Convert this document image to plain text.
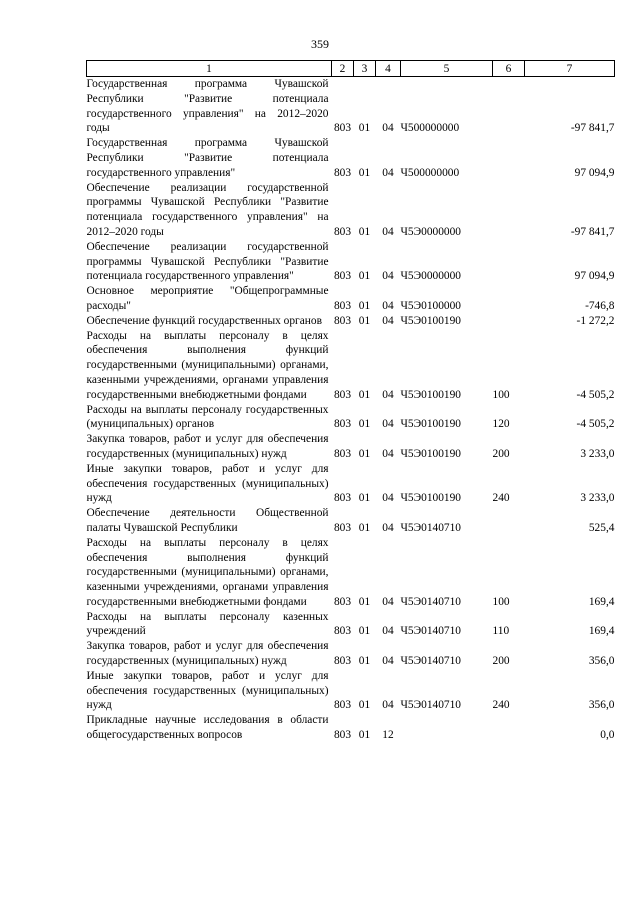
359
1	2	3	4	5	6	7

Государственная программа Чувашской Республики "Развитие потенциала государственного управления" на 2012–2020 годы	803	01	04	Ч500000000		-97 841,7

Государственная программа Чувашской Республики "Развитие потенциала государственного управления"	803	01	04	Ч500000000		97 094,9

Обеспечение реализации государственной программы Чувашской Республики "Развитие потенциала государственного управления" на 2012–2020 годы	803	01	04	Ч5Э0000000		-97 841,7

Обеспечение реализации государственной программы Чувашской Республики "Развитие потенциала государственного управления"	803	01	04	Ч5Э0000000		97 094,9

Основное мероприятие "Общепрограммные расходы"	803	01	04	Ч5Э0100000		-746,8

Обеспечение функций государственных органов	803	01	04	Ч5Э0100190		-1 272,2

Расходы на выплаты персоналу в целях обеспечения выполнения функций государственными (муниципальными) органами, казенными учреждениями, органами управления государственными внебюджетными фондами	803	01	04	Ч5Э0100190	100	-4 505,2

Расходы на выплаты персоналу государственных (муниципальных) органов	803	01	04	Ч5Э0100190	120	-4 505,2

Закупка товаров, работ и услуг для обеспечения государственных (муниципальных) нужд	803	01	04	Ч5Э0100190	200	3 233,0

Иные закупки товаров, работ и услуг для обеспечения государственных (муниципальных) нужд	803	01	04	Ч5Э0100190	240	3 233,0

Обеспечение деятельности Общественной палаты Чувашской Республики	803	01	04	Ч5Э0140710		525,4

Расходы на выплаты персоналу в целях обеспечения выполнения функций государственными (муниципальными) органами, казенными учреждениями, органами управления государственными внебюджетными фондами	803	01	04	Ч5Э0140710	100	169,4

Расходы на выплаты персоналу казенных учреждений	803	01	04	Ч5Э0140710	110	169,4

Закупка товаров, работ и услуг для обеспечения государственных (муниципальных) нужд	803	01	04	Ч5Э0140710	200	356,0

Иные закупки товаров, работ и услуг для обеспечения государственных (муниципальных) нужд	803	01	04	Ч5Э0140710	240	356,0

Прикладные научные исследования в области общегосударственных вопросов	803	01	12			0,0
